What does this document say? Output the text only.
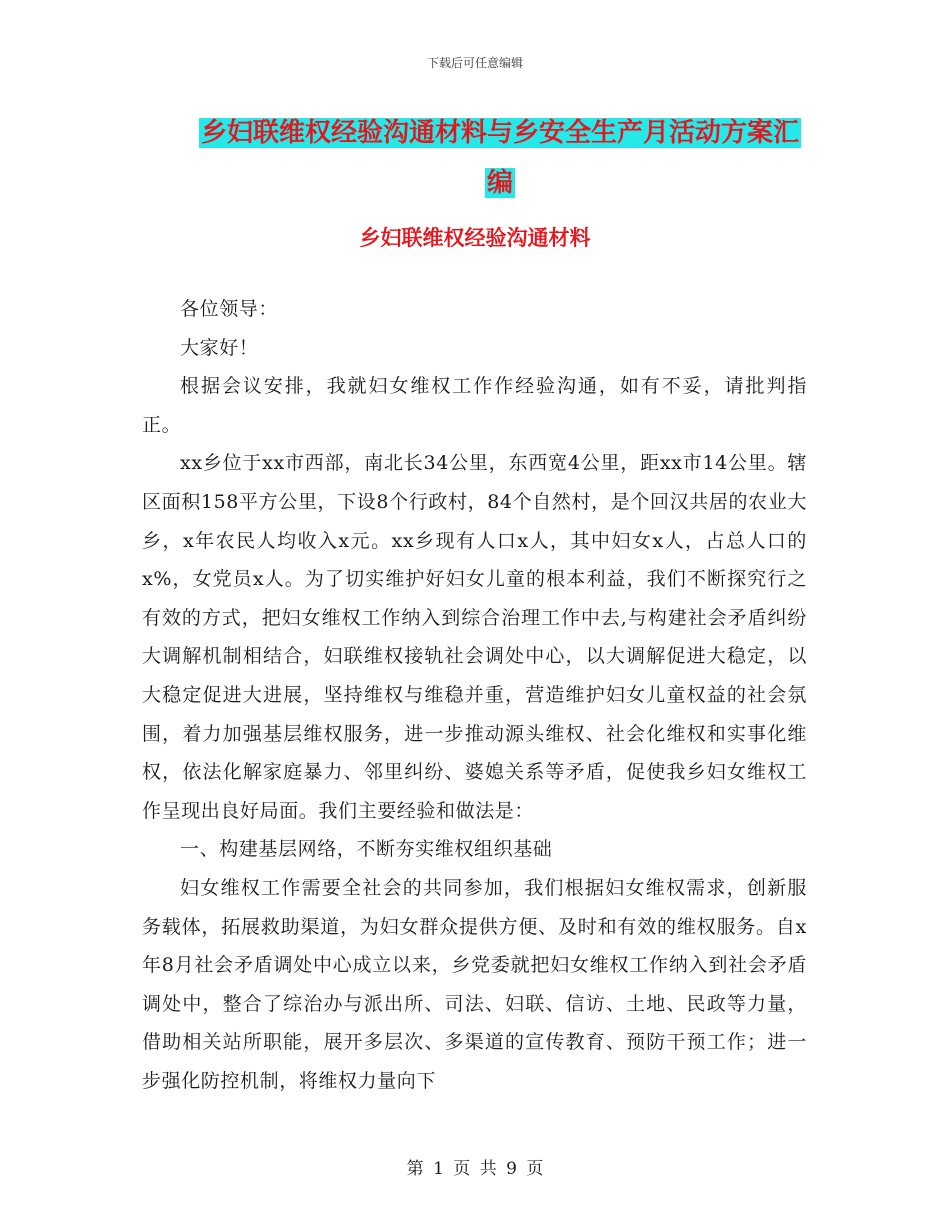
下载后可任意编辑
乡妇联维权经验沟通材料与乡安全生产月活动方案汇
编
乡妇联维权经验沟通材料

各位领导：

大家好！

根据会议安排，我就妇女维权工作作经验沟通，如有不妥，请批判指正。

xx乡位于xx市西部，南北长34公里，东西宽4公里，距xx市14公里。辖区面积158平方公里，下设8个行政村，84个自然村，是个回汉共居的农业大乡，x年农民人均收入x元。xx乡现有人口x人，其中妇女x人，占总人口的x%，女党员x人。为了切实维护好妇女儿童的根本利益，我们不断探究行之有效的方式，把妇女维权工作纳入到综合治理工作中去,与构建社会矛盾纠纷大调解机制相结合，妇联维权接轨社会调处中心，以大调解促进大稳定，以大稳定促进大进展，坚持维权与维稳并重，营造维护妇女儿童权益的社会氛围，着力加强基层维权服务，进一步推动源头维权、社会化维权和实事化维权，依法化解家庭暴力、邻里纠纷、婆媳关系等矛盾，促使我乡妇女维权工作呈现出良好局面。我们主要经验和做法是：

一、构建基层网络，不断夯实维权组织基础

妇女维权工作需要全社会的共同参加，我们根据妇女维权需求，创新服务载体，拓展救助渠道，为妇女群众提供方便、及时和有效的维权服务。自x年8月社会矛盾调处中心成立以来，乡党委就把妇女维权工作纳入到社会矛盾调处中，整合了综治办与派出所、司法、妇联、信访、土地、民政等力量，借助相关站所职能，展开多层次、多渠道的宣传教育、预防干预工作；进一步强化防控机制，将维权力量向下

第 1 页 共 9 页
